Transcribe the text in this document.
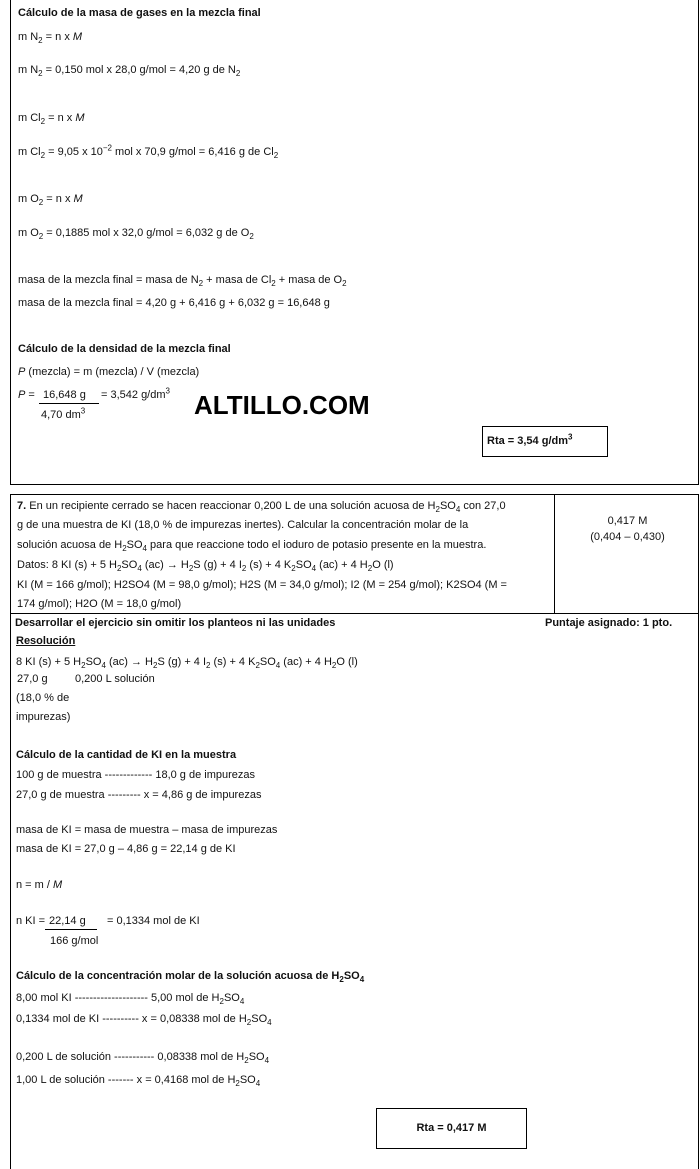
Cálculo de la masa de gases en la mezcla final
m $N_2 = n$ x M
m $N_2 = 0,150$ mol x 28,0 g/mol = 4,20 g de $N_2$
m $Cl_2 = n$ x M
m $Cl_2 = 9,05$ x $10^{-2}$ mol x 70,9 g/mol = 6,416 g de $Cl_2$
m $O_2 = n$ x M
m $O_2 = 0,1885$ mol x 32,0 g/mol = 6,032 g de $O_2$
masa de la mezcla final = masa de $N_2$ + masa de $Cl_2$ + masa de $O_2$
masa de la mezcla final = 4,20 g + 6,416 g + 6,032 g = 16,648 g
Cálculo de la densidad de la mezcla final
P (mezcla) = m (mezcla) / V (mezcla)
P = 16,648 g = 3,542 $g/dm^3$
4,70 $dm^3$	ALTILLO.COM
Rta = 3,54 $g/dm^3$
7. En un recipiente cerrado se hacen reaccionar 0,200 L de una solución acuosa de $H_2SO_4$ con 27,0
g de una muestra de KI (18,0 % de impurezas inertes). Calcular la concentración molar de la
solución acuosa de $H_2SO_4$ para que reaccione todo el ioduro de potasio presente en la muestra.
Datos: 8 KI (s) + 5 $H_2SO_4$ $(ac) \to H_2S$ (g) + 4 $I_2$ (s) + 4 $K_2SO_4$ (ac) + 4 $H_2O$ (l)
KI (M = 166 g/mol); H2SO4 (M = 98,0 g/mol); H2S (M = 34,0 g/mol); I2 (M = 254 g/mol); K2SO4 (M =
174 g/mol); H2O (M = 18,0 g/mol)
0,417 M
(0,404 – 0,430)
Desarrollar el ejercicio sin omitir los planteos ni las unidades	Puntaje asignado: 1 pto.
Resolución
8 KI (s) + 5 $H_2SO_4$ $(ac) \to H_2S$ (g) + 4 $I_2$ (s) + 4 $K_2SO_4$ (ac) + 4 $H_2O$ (l)
27,0 g 0,200 L solución
(18,0 % de
impurezas)
Cálculo de la cantidad de KI en la muestra
100 g de muestra ------------- 18,0 g de impurezas
27,0 g de muestra --------- x = 4,86 g de impurezas
masa de KI = masa de muestra – masa de impurezas
masa de KI = 27,0 g – 4,86 g = 22,14 g de KI
n = m / M
n KI = 22,14 g = 0,1334 mol de KI
166 g/mol
Cálculo de la concentración molar de la solución acuosa de $H_2SO_4$
8,00 mol KI -------------------- 5,00 mol de $H_2SO_4$
0,1334 mol de KI ---------- x = 0,08338 mol de $H_2SO_4$
0,200 L de solución ----------- 0,08338 mol de $H_2SO_4$
1,00 L de solución ------- x = 0,4168 mol de $H_2SO_4$
Rta = 0,417 M
